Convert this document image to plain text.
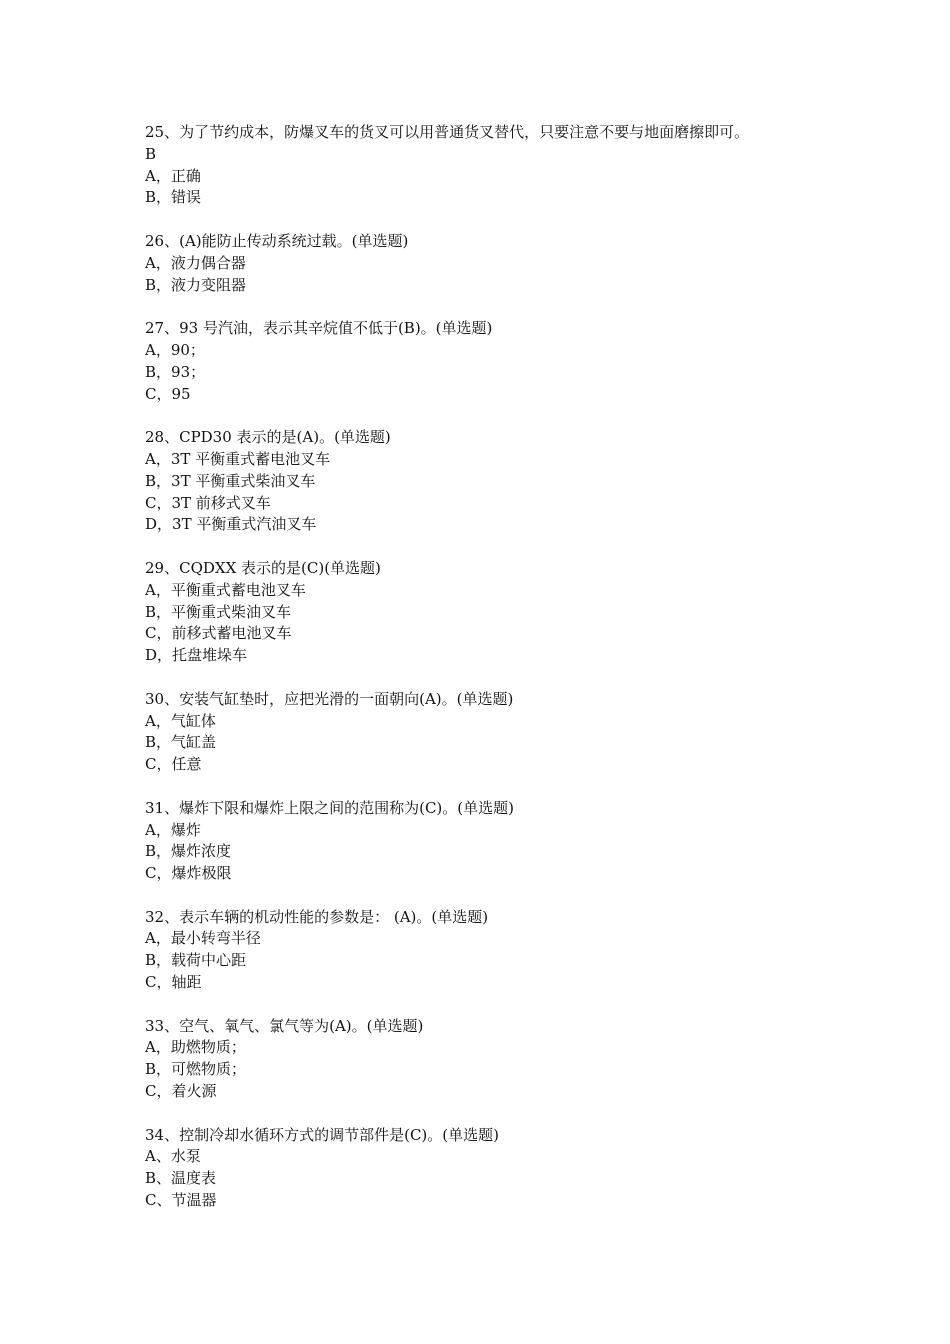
25、为了节约成本，防爆叉车的货叉可以用普通货叉替代，只要注意不要与地面磨擦即可。
B
A，正确
B，错误
26、(A)能防止传动系统过载。(单选题)
A，液力偶合器
B，液力变阻器
27、93 号汽油，表示其辛烷值不低于(B)。(单选题)
A，90；
B，93；
C，95
28、CPD30 表示的是(A)。(单选题)
A，3T 平衡重式蓄电池叉车
B，3T 平衡重式柴油叉车
C，3T 前移式叉车
D，3T 平衡重式汽油叉车
29、CQDXX 表示的是(C)(单选题)
A，平衡重式蓄电池叉车
B，平衡重式柴油叉车
C，前移式蓄电池叉车
D，托盘堆垛车
30、安装气缸垫时，应把光滑的一面朝向(A)。(单选题)
A，气缸体
B，气缸盖
C，任意
31、爆炸下限和爆炸上限之间的范围称为(C)。(单选题)
A，爆炸
B，爆炸浓度
C，爆炸极限
32、表示车辆的机动性能的参数是： (A)。(单选题)
A，最小转弯半径
B，载荷中心距
C，轴距
33、空气、氧气、氯气等为(A)。(单选题)
A，助燃物质；
B，可燃物质；
C，着火源
34、控制冷却水循环方式的调节部件是(C)。(单选题)
A、水泵
B、温度表
C、节温器
